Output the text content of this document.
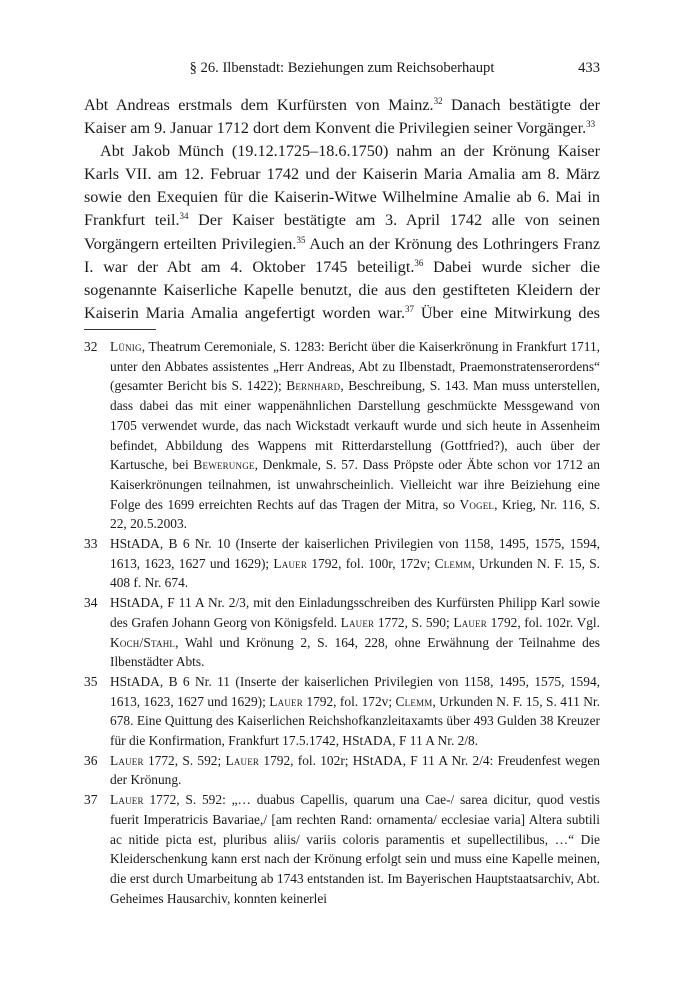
§ 26. Ilbenstadt: Beziehungen zum Reichsoberhaupt	433

Abt Andreas erstmals dem Kurfürsten von Mainz.$^{32}$ Danach bestätigte der Kaiser am 9. Januar 1712 dort dem Konvent die Privilegien seiner Vorgänger.$^{33}$

Abt Jakob Münch (19.12.1725–18.6.1750) nahm an der Krönung Kaiser Karls VII. am 12. Februar 1742 und der Kaiserin Maria Amalia am 8. März sowie den Exequien für die Kaiserin-Witwe Wilhelmine Amalie ab 6. Mai in Frankfurt teil.$^{34}$ Der Kaiser bestätigte am 3. April 1742 alle von seinen Vorgängern erteilten Privilegien.$^{35}$ Auch an der Krönung des Lothringers Franz I. war der Abt am 4. Oktober 1745 beteiligt.$^{36}$ Dabei wurde sicher die sogenannte Kaiserliche Kapelle benutzt, die aus den gestifteten Kleidern der Kaiserin Maria Amalia angefertigt worden war.$^{37}$ Über eine Mitwirkung des

32 Lünig, Theatrum Ceremoniale, S. 1283: Bericht über die Kaiserkrönung in Frankfurt 1711, unter den Abbates assistentes „Herr Andreas, Abt zu Ilbenstadt, Praemonstratenserordens“ (gesamter Bericht bis S. 1422); Bernhard, Beschreibung, S. 143. Man muss unterstellen, dass dabei das mit einer wappenähnlichen Darstellung geschmückte Messgewand von 1705 verwendet wurde, das nach Wickstadt verkauft wurde und sich heute in Assenheim befindet, Abbildung des Wappens mit Ritterdarstellung (Gottfried?), auch über der Kartusche, bei Bewerunge, Denkmale, S. 57. Dass Pröpste oder Äbte schon vor 1712 an Kaiserkrönungen teilnahmen, ist unwahrscheinlich. Vielleicht war ihre Beiziehung eine Folge des 1699 erreichten Rechts auf das Tragen der Mitra, so Vogel, Krieg, Nr. 116, S. 22, 20.5.2003.
33 HStADA, B 6 Nr. 10 (Inserte der kaiserlichen Privilegien von 1158, 1495, 1575, 1594, 1613, 1623, 1627 und 1629); Lauer 1792, fol. 100r, 172v; Clemm, Urkunden N. F. 15, S. 408 f. Nr. 674.
34 HStADA, F 11 A Nr. 2/3, mit den Einladungsschreiben des Kurfürsten Philipp Karl sowie des Grafen Johann Georg von Königsfeld. Lauer 1772, S. 590; Lauer 1792, fol. 102r. Vgl. Koch/Stahl, Wahl und Krönung 2, S. 164, 228, ohne Erwähnung der Teilnahme des Ilbenstädter Abts.
35 HStADA, B 6 Nr. 11 (Inserte der kaiserlichen Privilegien von 1158, 1495, 1575, 1594, 1613, 1623, 1627 und 1629); Lauer 1792, fol. 172v; Clemm, Urkunden N. F. 15, S. 411 Nr. 678. Eine Quittung des Kaiserlichen Reichshofkanzleitaxamts über 493 Gulden 38 Kreuzer für die Konfirmation, Frankfurt 17.5.1742, HStADA, F 11 A Nr. 2/8.
36 Lauer 1772, S. 592; Lauer 1792, fol. 102r; HStADA, F 11 A Nr. 2/4: Freudenfest wegen der Krönung.
37 Lauer 1772, S. 592: „… duabus Capellis, quarum una Cae-/ sarea dicitur, quod vestis fuerit Imperatricis Bavariae,/ [am rechten Rand: ornamenta/ ecclesiae varia] Altera subtili ac nitide picta est, pluribus aliis/ variis coloris paramentis et supellectilibus, …“ Die Kleiderschenkung kann erst nach der Krönung erfolgt sein und muss eine Kapelle meinen, die erst durch Umarbeitung ab 1743 entstanden ist. Im Bayerischen Hauptstaatsarchiv, Abt. Geheimes Hausarchiv, konnten keinerlei
